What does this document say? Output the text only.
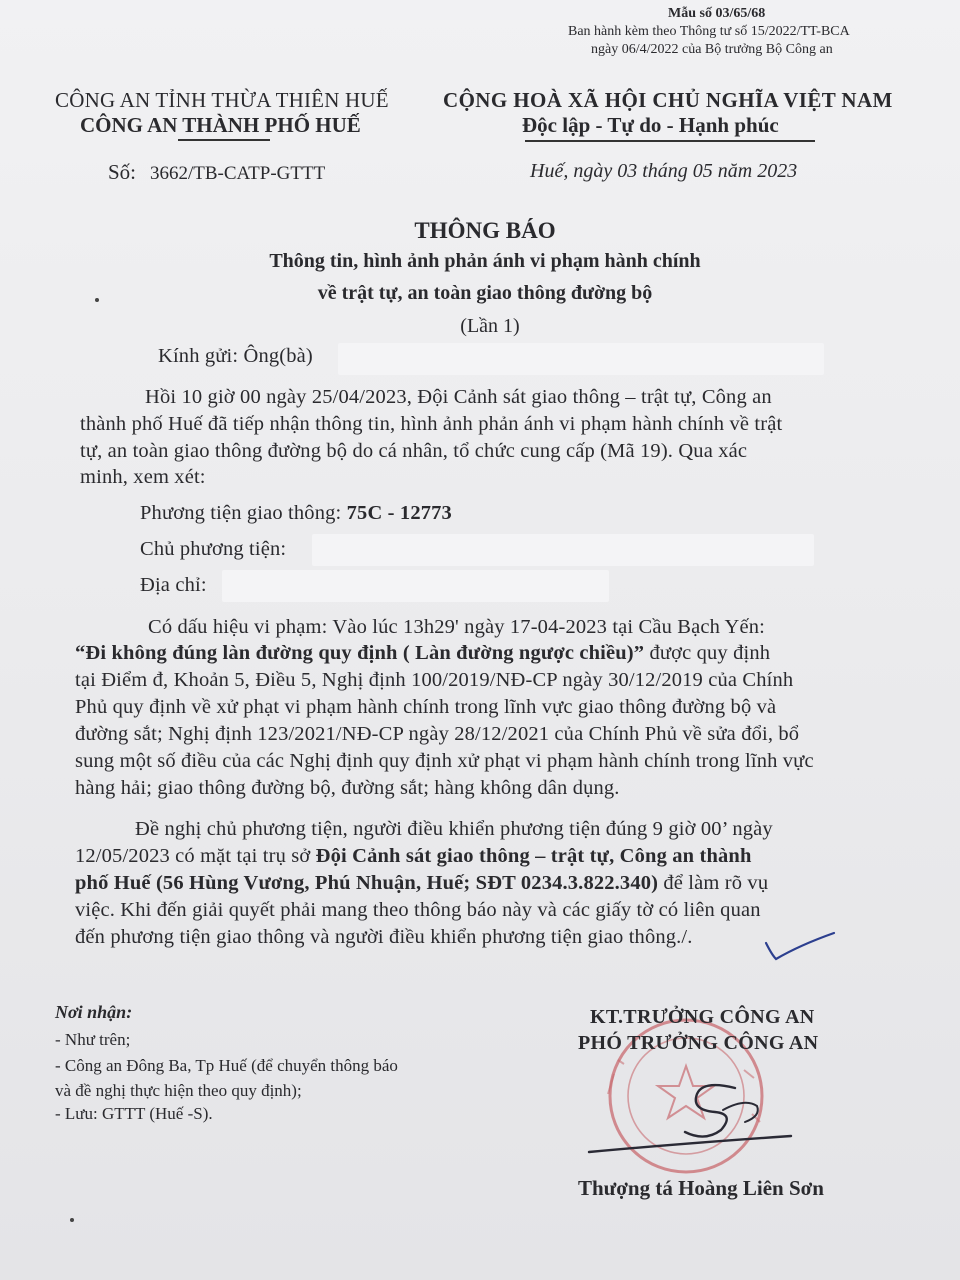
Mẫu số 03/65/68
Ban hành kèm theo Thông tư số 15/2022/TT-BCA
ngày 06/4/2022 của Bộ trưởng Bộ Công an
CÔNG AN TỈNH THỪA THIÊN HUẾ
CÔNG AN THÀNH PHỐ HUẾ
CỘNG HOÀ XÃ HỘI CHỦ NGHĨA VIỆT NAM
Độc lập - Tự do - Hạnh phúc
Số: 3662/TB-CATP-GTTT	Huế, ngày 03 tháng 05 năm 2023
THÔNG BÁO
Thông tin, hình ảnh phản ánh vi phạm hành chính
về trật tự, an toàn giao thông đường bộ
(Lần 1)
Kính gửi: Ông(bà)
Hồi 10 giờ 00 ngày 25/04/2023, Đội Cảnh sát giao thông – trật tự, Công an
thành phố Huế đã tiếp nhận thông tin, hình ảnh phản ánh vi phạm hành chính về trật
tự, an toàn giao thông đường bộ do cá nhân, tổ chức cung cấp (Mã 19). Qua xác
minh, xem xét:
Phương tiện giao thông: 75C - 12773
Chủ phương tiện:
Địa chỉ:
Có dấu hiệu vi phạm: Vào lúc 13h29' ngày 17-04-2023 tại Cầu Bạch Yến:
“Đi không đúng làn đường quy định ( Làn đường ngược chiều)” được quy định
tại Điểm đ, Khoản 5, Điều 5, Nghị định 100/2019/NĐ-CP ngày 30/12/2019 của Chính
Phủ quy định về xử phạt vi phạm hành chính trong lĩnh vực giao thông đường bộ và
đường sắt; Nghị định 123/2021/NĐ-CP ngày 28/12/2021 của Chính Phủ về sửa đổi, bổ
sung một số điều của các Nghị định quy định xử phạt vi phạm hành chính trong lĩnh vực
hàng hải; giao thông đường bộ, đường sắt; hàng không dân dụng.
Đề nghị chủ phương tiện, người điều khiển phương tiện đúng 9 giờ 00’ ngày
12/05/2023 có mặt tại trụ sở Đội Cảnh sát giao thông – trật tự, Công an thành
phố Huế (56 Hùng Vương, Phú Nhuận, Huế; SĐT 0234.3.822.340) để làm rõ vụ
việc. Khi đến giải quyết phải mang theo thông báo này và các giấy tờ có liên quan
đến phương tiện giao thông và người điều khiển phương tiện giao thông./.
Nơi nhận:
- Như trên;
- Công an Đông Ba, Tp Huế (để chuyển thông báo
và đề nghị thực hiện theo quy định);
- Lưu: GTTT (Huế -S).
KT.TRƯỞNG CÔNG AN
PHÓ TRƯỞNG CÔNG AN
Thượng tá Hoàng Liên Sơn
